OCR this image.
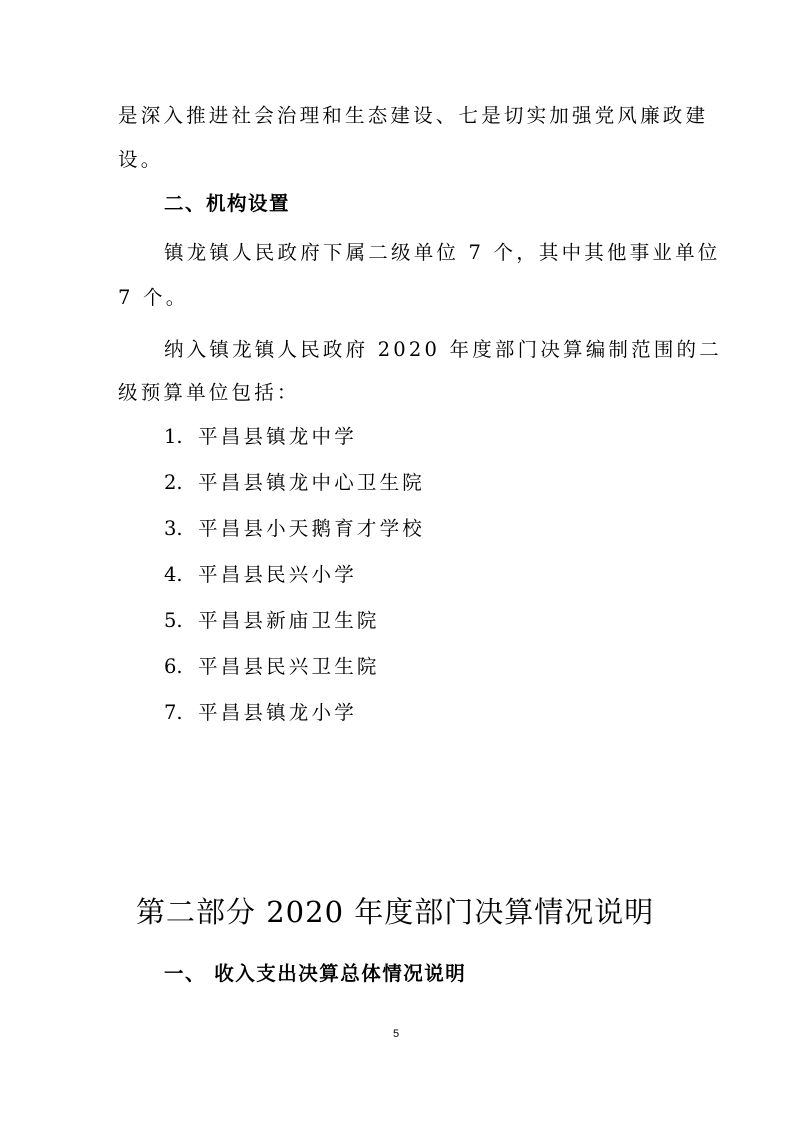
是深入推进社会治理和生态建设、七是切实加强党风廉政建
设。
二、机构设置
镇龙镇人民政府下属二级单位 7 个，其中其他事业单位
7 个。
纳入镇龙镇人民政府 2020 年度部门决算编制范围的二
级预算单位包括：
1. 平昌县镇龙中学
2. 平昌县镇龙中心卫生院
3. 平昌县小天鹅育才学校
4. 平昌县民兴小学
5. 平昌县新庙卫生院
6. 平昌县民兴卫生院
7. 平昌县镇龙小学
第二部分 2020 年度部门决算情况说明
一、 收入支出决算总体情况说明
5
